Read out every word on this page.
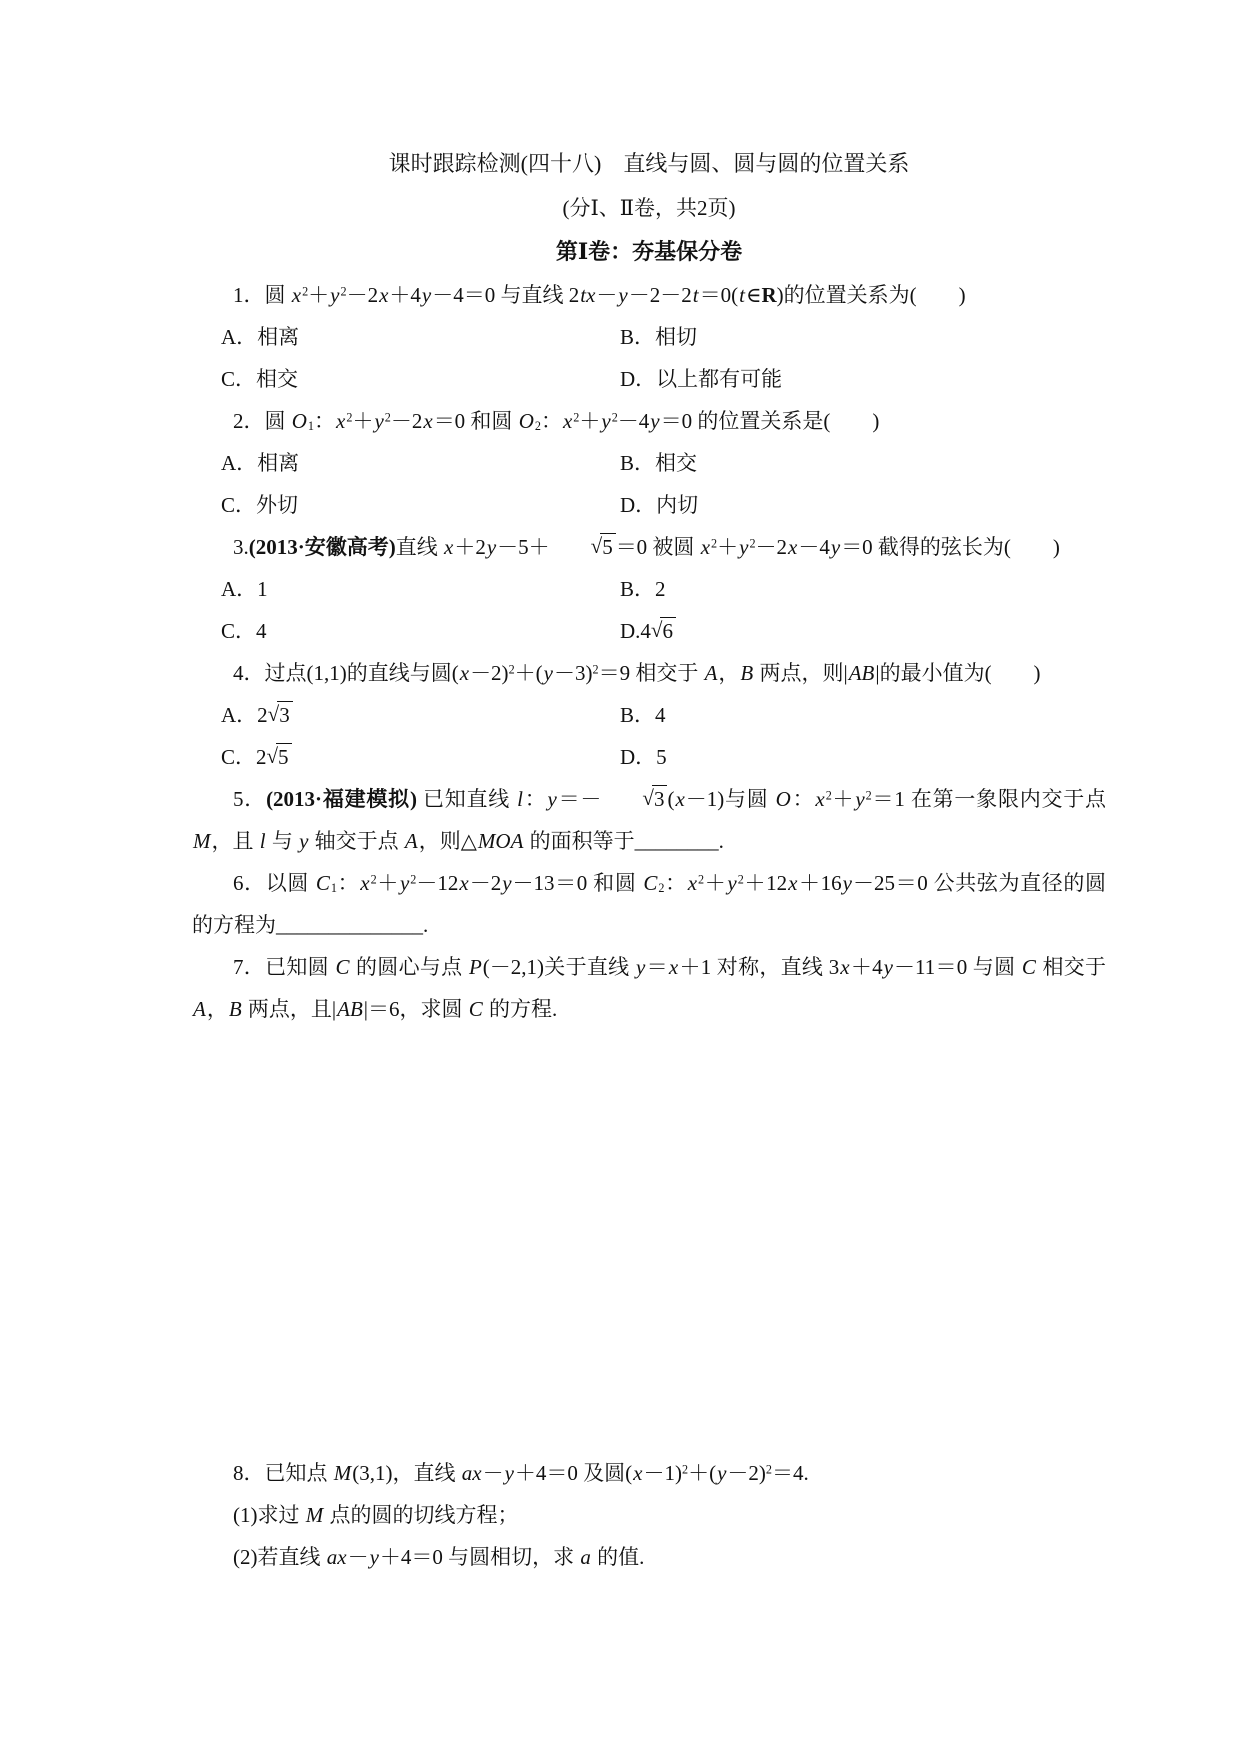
课时跟踪检测(四十八)　直线与圆、圆与圆的位置关系
(分Ⅰ、Ⅱ卷，共2页)
第Ⅰ卷：夯基保分卷

1．圆 $x^2+y^2-2x+4y-4=0$ 与直线 2tx－y－2－2t＝0(t∈R)的位置关系为(　　)

A．相离	B．相切
C．相交	D．以上都有可能

2．圆 $O_1$：$x^2+y^2-2x=0$ 和圆 $O_2$：$x^2+y^2-4y=0$ 的位置关系是(　　)

A．相离	B．相交
C．外切	D．内切

3.(2013·安徽高考)直线 x＋2y－5＋ √5 ＝0 被圆 $x^2+y^2-2x-4y=0$ 截得的弦长为(　　)

A．1	B．2
C．4	D.4√6

4．过点(1,1)的直线与圆$(x-2)^2+(y-3)^2=9$ 相交于 A，B 两点，则|AB|的最小值为(　　)

A．2√3	B．4
C．2√5	D．5

5．(2013·福建模拟) 已知直线 l：y＝－ √3 (x－1)与圆 O：$x^2+y^2=1$ 在第一象限内交于点 M，且 l 与 y 轴交于点 A，则△MOA 的面积等于________.

6．以圆 $C_1$：$x^2+y^2-12x-2y-13=0$ 和圆 $C_2$：$x^2+y^2+12x+16y-25=0$ 公共弦为直径的圆的方程为______________.

7．已知圆 C 的圆心与点 P(－2,1)关于直线 y＝x＋1 对称，直线 3x＋4y－11＝0 与圆 C 相交于 A，B 两点，且|AB|＝6，求圆 C 的方程.

8．已知点 M(3,1)，直线 ax－y＋4＝0 及圆$(x-1)^2+(y-2)^2=4$.

(1)求过 M 点的圆的切线方程；

(2)若直线 ax－y＋4＝0 与圆相切，求 a 的值.
